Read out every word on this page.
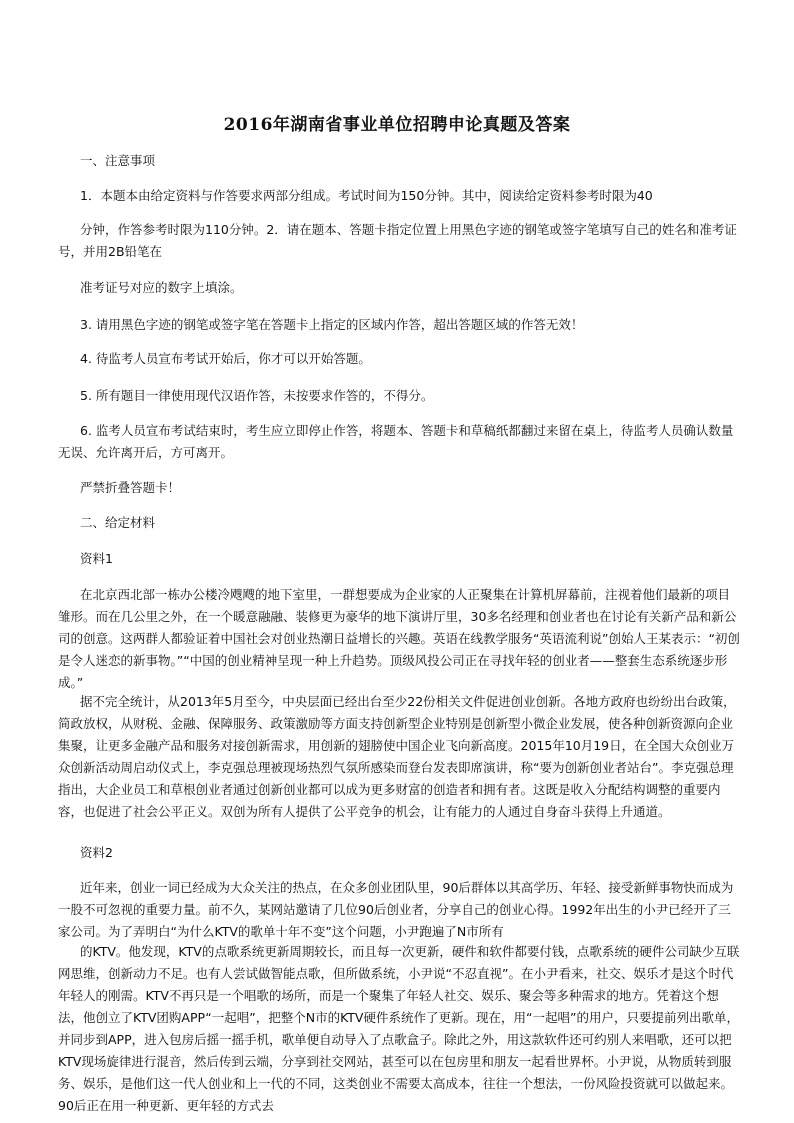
2016年湖南省事业单位招聘申论真题及答案
一、注意事项
1．本题本由给定资料与作答要求两部分组成。考试时间为150分钟。其中，阅读给定资料参考时限为40
分钟，作答参考时限为110分钟。2．请在题本、答题卡指定位置上用黑色字迹的钢笔或签字笔填写自己的姓名和准考证号，并用2B铅笔在
准考证号对应的数字上填涂。
3. 请用黑色字迹的钢笔或签字笔在答题卡上指定的区域内作答，超出答题区域的作答无效！
4. 待监考人员宣布考试开始后，你才可以开始答题。
5. 所有题目一律使用现代汉语作答，未按要求作答的，不得分。
6. 监考人员宣布考试结束时，考生应立即停止作答，将题本、答题卡和草稿纸都翻过来留在桌上，待监考人员确认数量无误、允许离开后，方可离开。
严禁折叠答题卡！
二、给定材料
资料1
在北京西北部一栋办公楼冷飕飕的地下室里，一群想要成为企业家的人正聚集在计算机屏幕前，注视着他们最新的项目雏形。而在几公里之外，在一个暖意融融、装修更为豪华的地下演讲厅里，30多名经理和创业者也在讨论有关新产品和新公司的创意。这两群人都验证着中国社会对创业热潮日益增长的兴趣。英语在线教学服务“英语流利说”创始人王某表示：“初创是令人迷恋的新事物。”“中国的创业精神呈现一种上升趋势。顶级风投公司正在寻找年轻的创业者——整套生态系统逐步形成。”
据不完全统计，从2013年5月至今，中央层面已经出台至少22份相关文件促进创业创新。各地方政府也纷纷出台政策，简政放权，从财税、金融、保障服务、政策激励等方面支持创新型企业特别是创新型小微企业发展，使各种创新资源向企业集聚，让更多金融产品和服务对接创新需求，用创新的翅膀使中国企业飞向新高度。2015年10月19日，在全国大众创业万众创新活动周启动仪式上，李克强总理被现场热烈气氛所感染而登台发表即席演讲，称“要为创新创业者站台”。李克强总理指出，大企业员工和草根创业者通过创新创业都可以成为更多财富的创造者和拥有者。这既是收入分配结构调整的重要内容，也促进了社会公平正义。双创为所有人提供了公平竞争的机会，让有能力的人通过自身奋斗获得上升通道。
资料2
近年来，创业一词已经成为大众关注的热点，在众多创业团队里，90后群体以其高学历、年轻、接受新鲜事物快而成为一股不可忽视的重要力量。前不久，某网站邀请了几位90后创业者，分享自己的创业心得。1992年出生的小尹已经开了三家公司。为了弄明白“为什么KTV的歌单十年不变”这个问题，小尹跑遍了N市所有
的KTV。他发现，KTV的点歌系统更新周期较长，而且每一次更新，硬件和软件都要付钱，点歌系统的硬件公司缺少互联网思维，创新动力不足。也有人尝试做智能点歌，但所做系统，小尹说“不忍直视”。在小尹看来，社交、娱乐才是这个时代年轻人的刚需。KTV不再只是一个唱歌的场所，而是一个聚集了年轻人社交、娱乐、聚会等多种需求的地方。凭着这个想法，他创立了KTV团购APP“一起唱”，把整个N市的KTV硬件系统作了更新。现在，用“一起唱”的用户，只要提前列出歌单，并同步到APP，进入包房后摇一摇手机，歌单便自动导入了点歌盒子。除此之外，用这款软件还可约别人来唱歌，还可以把KTV现场旋律进行混音，然后传到云端，分享到社交网站，甚至可以在包房里和朋友一起看世界杯。小尹说，从物质转到服务、娱乐，是他们这一代人创业和上一代的不同，这类创业不需要太高成本，往往一个想法，一份风险投资就可以做起来。90后正在用一种更新、更年轻的方式去
